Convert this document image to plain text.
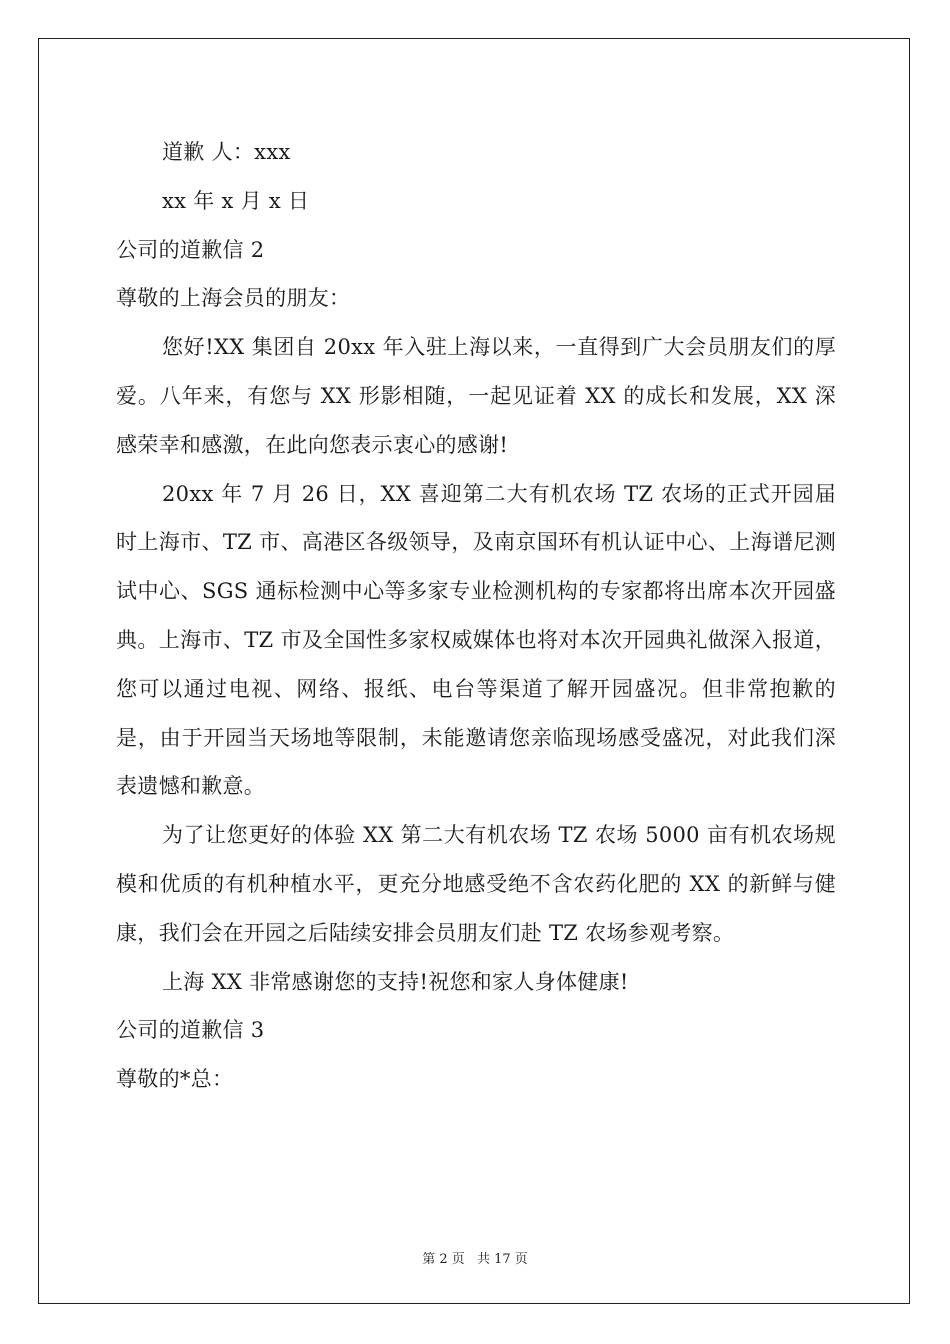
道歉 人：xxx
xx 年 x 月 x 日
公司的道歉信 2
尊敬的上海会员的朋友：
您好!XX 集团自 20xx 年入驻上海以来，一直得到广大会员朋友们的厚爱。八年来，有您与 XX 形影相随，一起见证着 XX 的成长和发展，XX 深感荣幸和感激，在此向您表示衷心的感谢!
20xx 年 7 月 26 日，XX 喜迎第二大有机农场 TZ 农场的正式开园届时上海市、TZ 市、高港区各级领导，及南京国环有机认证中心、上海谱尼测试中心、SGS 通标检测中心等多家专业检测机构的专家都将出席本次开园盛典。上海市、TZ 市及全国性多家权威媒体也将对本次开园典礼做深入报道，您可以通过电视、网络、报纸、电台等渠道了解开园盛况。但非常抱歉的是，由于开园当天场地等限制，未能邀请您亲临现场感受盛况，对此我们深表遗憾和歉意。
为了让您更好的体验 XX 第二大有机农场 TZ 农场 5000 亩有机农场规模和优质的有机种植水平，更充分地感受绝不含农药化肥的 XX 的新鲜与健康，我们会在开园之后陆续安排会员朋友们赴 TZ 农场参观考察。
上海 XX 非常感谢您的支持!祝您和家人身体健康!
公司的道歉信 3
尊敬的*总：
第 2 页 共 17 页
